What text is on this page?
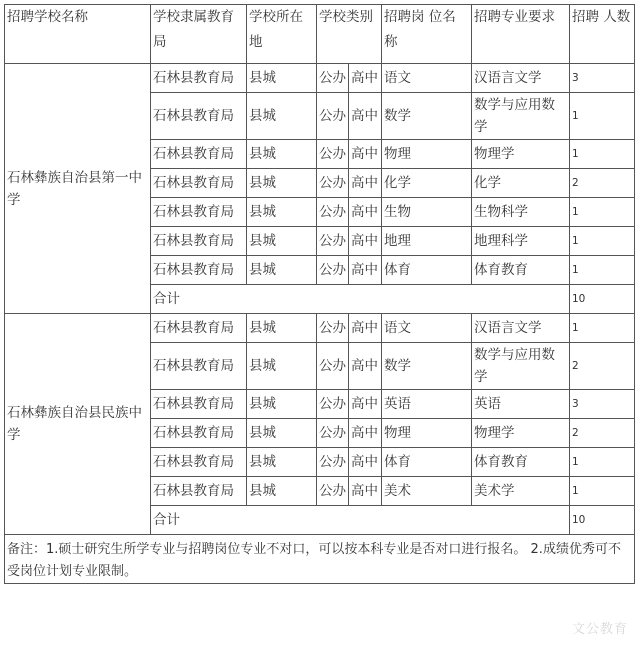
招聘学校名称	学校隶属教育局	学校所在地	学校类别		招聘岗 位名称	招聘专业要求	招聘 人数
石林彝族自治县第一中学	石林县教育局	县城	公办	高中	语文	汉语言文学	3
	石林县教育局	县城	公办	高中	数学	数学与应用数学	1
	石林县教育局	县城	公办	高中	物理	物理学	1
	石林县教育局	县城	公办	高中	化学	化学	2
	石林县教育局	县城	公办	高中	生物	生物科学	1
	石林县教育局	县城	公办	高中	地理	地理科学	1
	石林县教育局	县城	公办	高中	体育	体育教育	1
	合计						10
石林彝族自治县民族中学	石林县教育局	县城	公办	高中	语文	汉语言文学	1
	石林县教育局	县城	公办	高中	数学	数学与应用数学	2
	石林县教育局	县城	公办	高中	英语	英语	3
	石林县教育局	县城	公办	高中	物理	物理学	2
	石林县教育局	县城	公办	高中	体育	体育教育	1
	石林县教育局	县城	公办	高中	美术	美术学	1
	合计						10
备注：1.硕士研究生所学专业与招聘岗位专业不对口，可以按本科专业是否对口进行报名。 2.成绩优秀可不受岗位计划专业限制。							
文公教育
